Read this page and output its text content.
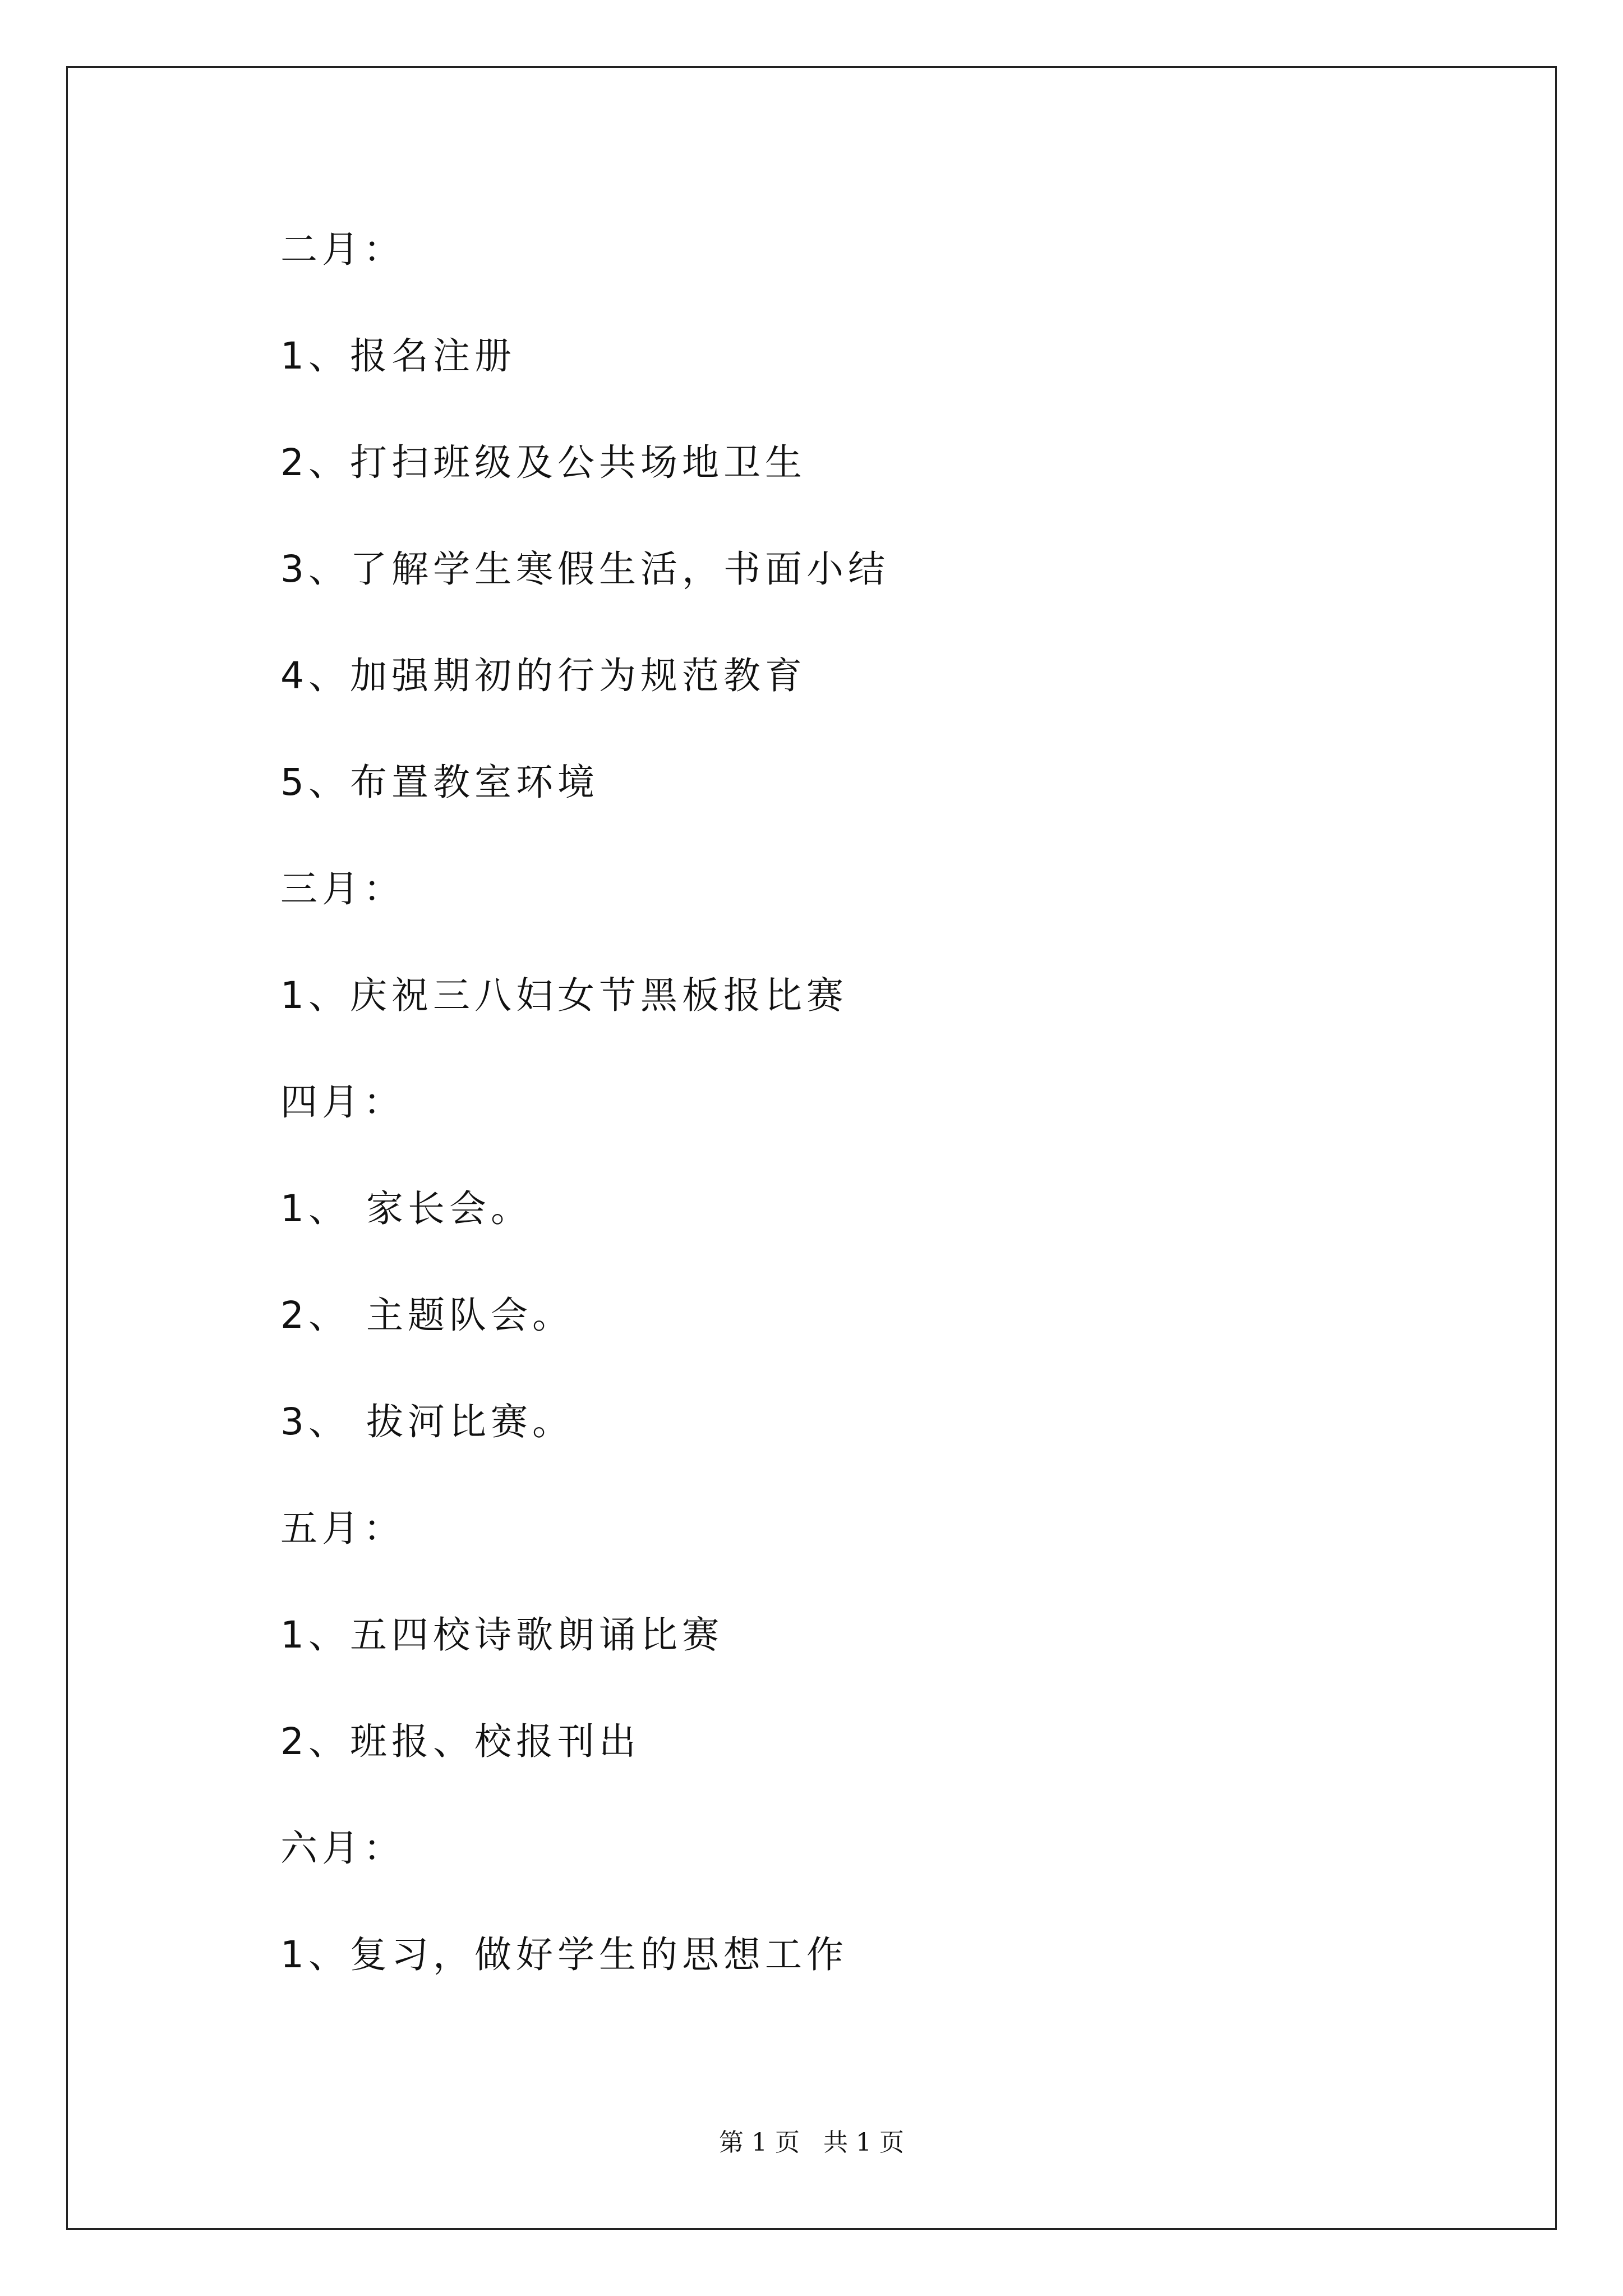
二月：
1、报名注册
2、打扫班级及公共场地卫生
3、了解学生寒假生活，书面小结
4、加强期初的行为规范教育
5、布置教室环境
三月：
1、庆祝三八妇女节黑板报比赛
四月：
1、 家长会。
2、 主题队会。
3、 拔河比赛。
五月：
1、五四校诗歌朗诵比赛
2、班报、校报刊出
六月：
1、复习，做好学生的思想工作
第 1 页   共 1 页
